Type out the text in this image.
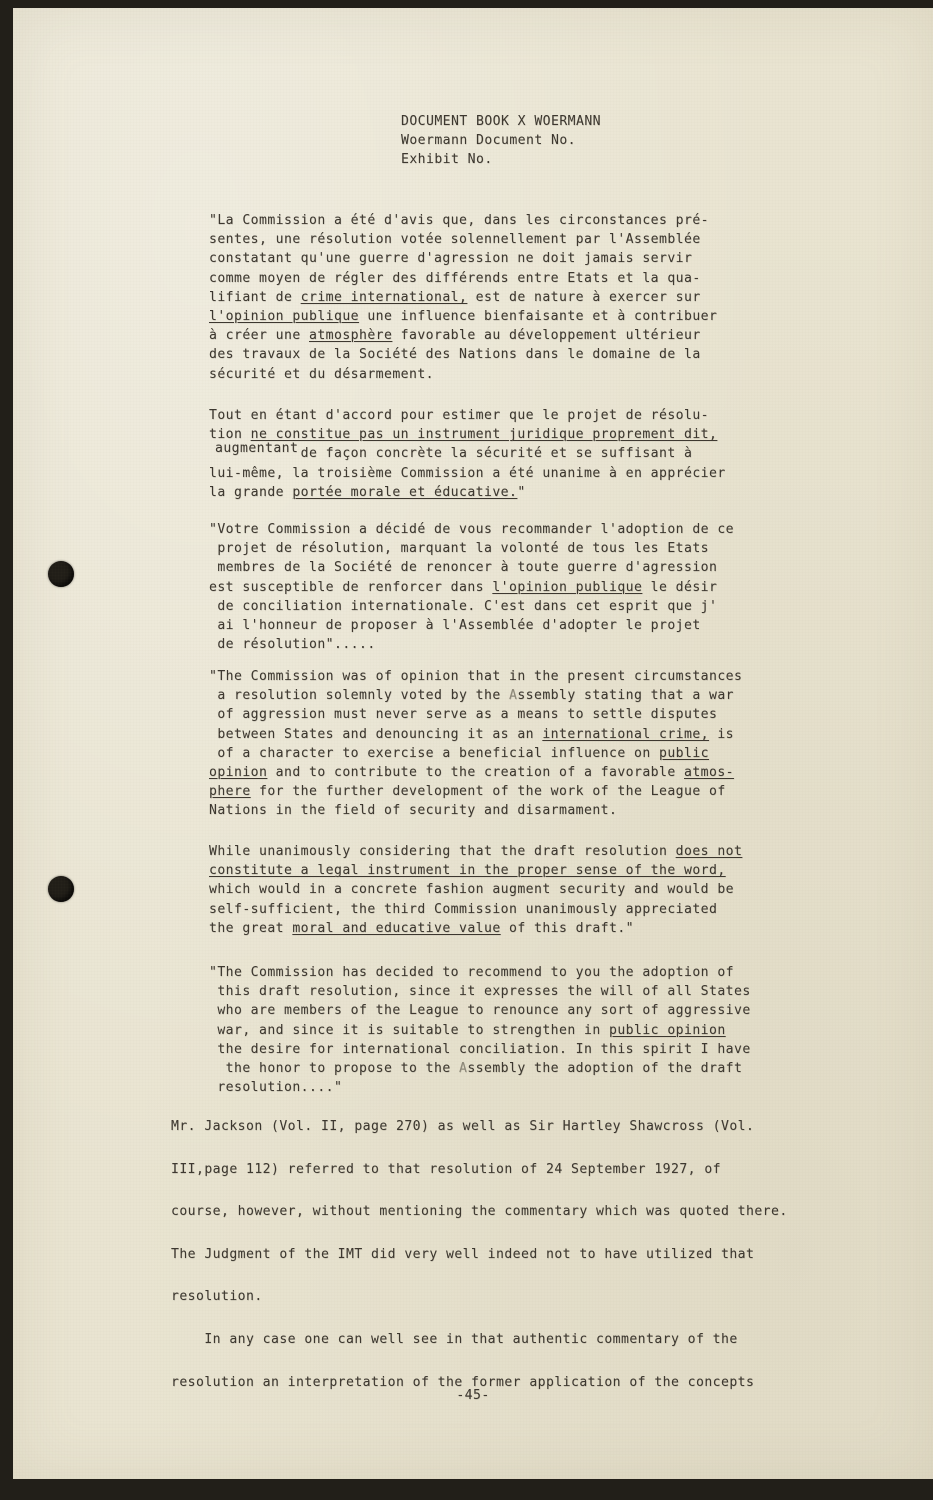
DOCUMENT BOOK X WOERMANN
Woermann Document No.
Exhibit No.
"La Commission a été d'avis que, dans les circonstances pré-
sentes, une résolution votée solennellement par l'Assemblée
constatant qu'une guerre d'agression ne doit jamais servir
comme moyen de régler des différends entre Etats et la qua-
lifiant de crime international, est de nature à exercer sur
l'opinion publique une influence bienfaisante et à contribuer
à créer une atmosphère favorable au développement ultérieur
des travaux de la Société des Nations dans le domaine de la
sécurité et du désarmement.
Tout en étant d'accord pour estimer que le projet de résolu-
tion ne constitue pas un instrument juridique proprement dit,
augmentant de façon concrète la sécurité et se suffisant à
lui-même, la troisième Commission a été unanime à en apprécier
la grande portée morale et éducative."
"Votre Commission a décidé de vous recommander l'adoption de ce
projet de résolution, marquant la volonté de tous les Etats
membres de la Société de renoncer à toute guerre d'agression
est susceptible de renforcer dans l'opinion publique le désir
de conciliation internationale. C'est dans cet esprit que j'
ai l'honneur de proposer à l'Assemblée d'adopter le projet
de résolution".....
"The Commission was of opinion that in the present circumstances
a resolution solemnly voted by the Assembly stating that a war
of aggression must never serve as a means to settle disputes
between States and denouncing it as an international crime, is
of a character to exercise a beneficial influence on public
opinion and to contribute to the creation of a favorable atmos-
phere for the further development of the work of the League of
Nations in the field of security and disarmament.
While unanimously considering that the draft resolution does not
constitute a legal instrument in the proper sense of the word,
which would in a concrete fashion augment security and would be
self-sufficient, the third Commission unanimously appreciated
the great moral and educative value of this draft."
"The Commission has decided to recommend to you the adoption of
this draft resolution, since it expresses the will of all States
who are members of the League to renounce any sort of aggressive
war, and since it is suitable to strengthen in public opinion
the desire for international conciliation. In this spirit I have
the honor to propose to the Assembly the adoption of the draft
resolution...."
Mr. Jackson (Vol. II, page 270) as well as Sir Hartley Shawcross (Vol.
III,page 112) referred to that resolution of 24 September 1927, of
course, however, without mentioning the commentary which was quoted there.
The Judgment of the IMT did very well indeed not to have utilized that
resolution.
In any case one can well see in that authentic commentary of the
resolution an interpretation of the former application of the concepts
-45-
